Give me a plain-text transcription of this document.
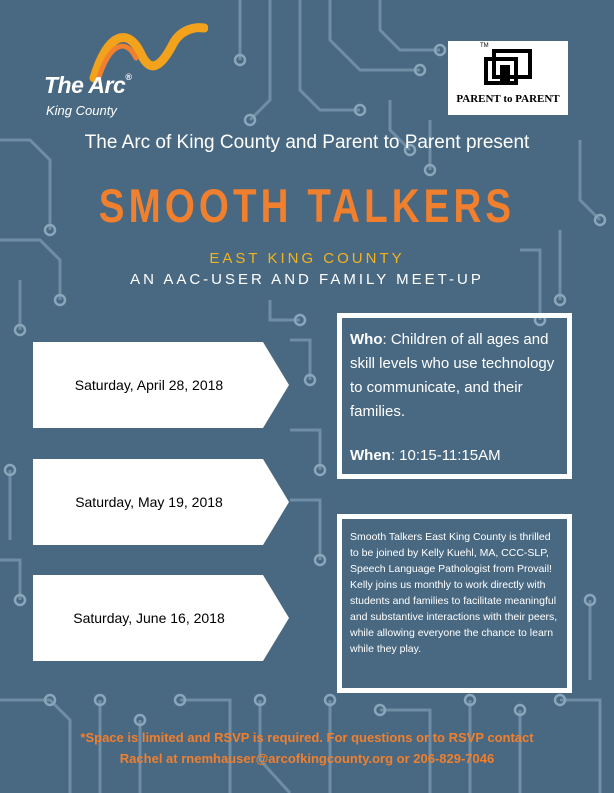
The Arc®
King County
TM
PARENT to PARENT
The Arc of King County and Parent to Parent present
SMOOTH TALKERS
EAST KING COUNTY
AN AAC-USER AND FAMILY MEET-UP
Saturday, April 28, 2018
Saturday, May 19, 2018
Saturday, June 16, 2018
Who: Children of all ages and skill levels who use technology to communicate, and their families.
When: 10:15-11:15AM
Smooth Talkers East King County is thrilled to be joined by Kelly Kuehl, MA, CCC-SLP, Speech Language Pathologist from Provail! Kelly joins us monthly to work directly with students and families to facilitate meaningful and substantive interactions with their peers, while allowing everyone the chance to learn while they play.
*Space is limited and RSVP is required. For questions or to RSVP contact
Rachel at rnemhauser@arcofkingcounty.org or 206-829-7046
